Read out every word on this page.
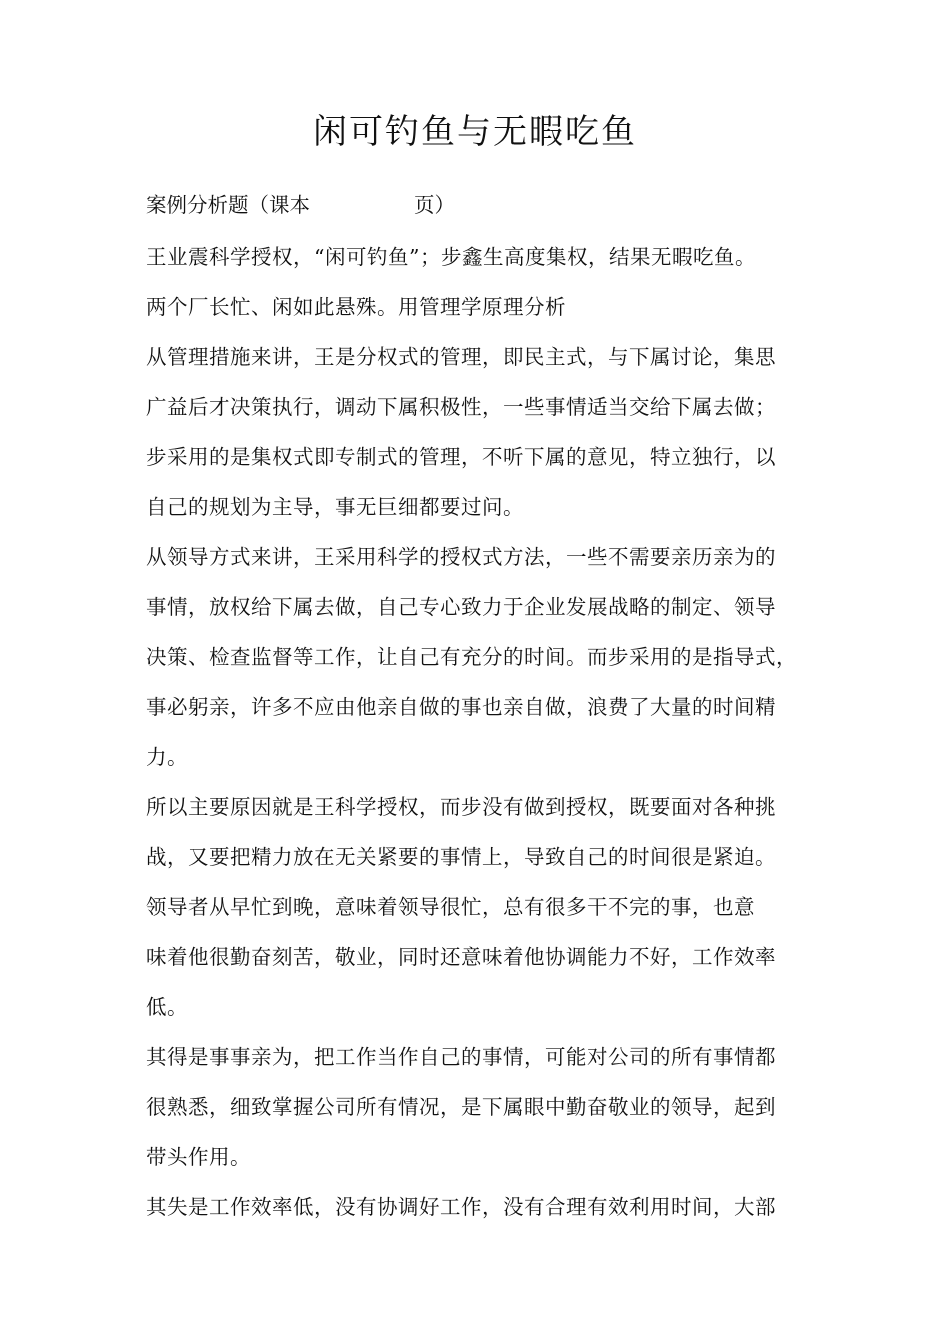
闲可钓鱼与无暇吃鱼
案例分析题（课本	页）
王业震科学授权，“闲可钓鱼”；步鑫生高度集权，结果无暇吃鱼。
两个厂长忙、闲如此悬殊。用管理学原理分析
从管理措施来讲，王是分权式的管理，即民主式，与下属讨论，集思
广益后才决策执行，调动下属积极性，一些事情适当交给下属去做；
步采用的是集权式即专制式的管理，不听下属的意见，特立独行，以
自己的规划为主导，事无巨细都要过问。
从领导方式来讲，王采用科学的授权式方法，一些不需要亲历亲为的
事情，放权给下属去做，自己专心致力于企业发展战略的制定、领导
决策、检查监督等工作，让自己有充分的时间。而步采用的是指导式，
事必躬亲，许多不应由他亲自做的事也亲自做，浪费了大量的时间精
力。
所以主要原因就是王科学授权，而步没有做到授权，既要面对各种挑
战，又要把精力放在无关紧要的事情上，导致自己的时间很是紧迫。
领导者从早忙到晚，意味着领导很忙，总有很多干不完的事，也意
味着他很勤奋刻苦，敬业，同时还意味着他协调能力不好，工作效率
低。
其得是事事亲为，把工作当作自己的事情，可能对公司的所有事情都
很熟悉，细致掌握公司所有情况，是下属眼中勤奋敬业的领导，起到
带头作用。
其失是工作效率低，没有协调好工作，没有合理有效利用时间，大部
